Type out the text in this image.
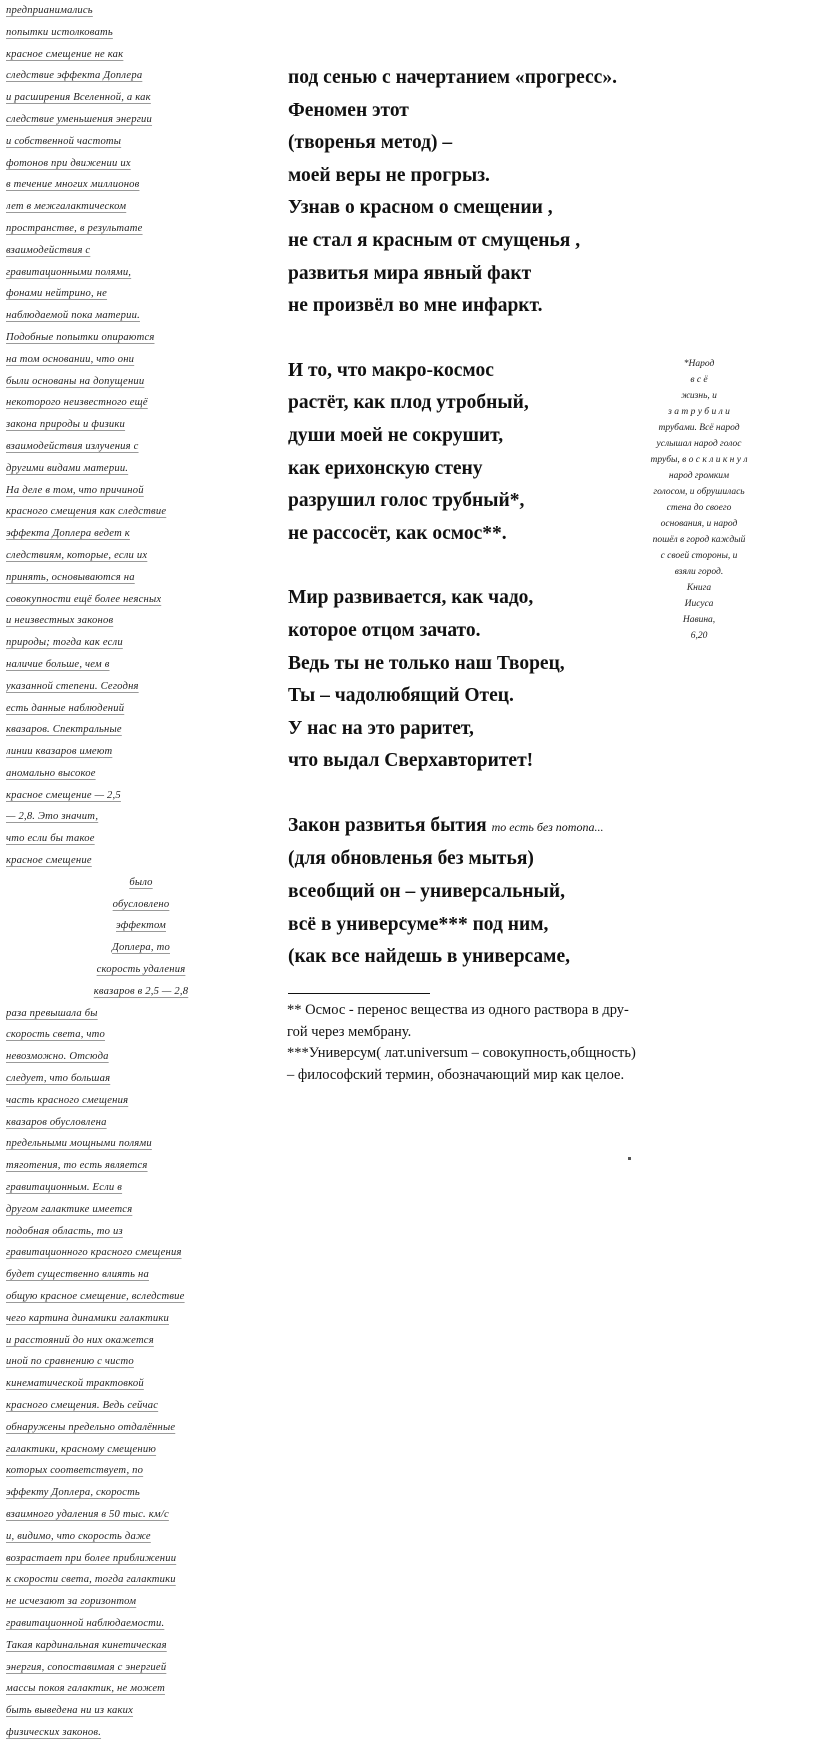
предприанимались
попытки истолковать
красное смещение не как
следствие эффекта Доплера
и расширения Вселенной, а как
следствие уменьшения энергии
и собственной частоты
фотонов при движении их
в течение многих миллионов
лет в межгалактическом
пространстве, в результате
взаимодействия с
гравитационными полями,
фонами нейтрино, не
наблюдаемой пока материи.
Подобные попытки опираются
на том основании, что они
были основаны на допущении
некоторого неизвестного ещё
закона природы и физики
взаимодействия излучения с
другими видами материи.
На деле в том, что причиной
красного смещения как следствие
эффекта Доплера ведет к
следствиям, которые, если их
принять, основываются на
совокупности ещё более неясных
и неизвестных законов
природы; тогда как если
наличие больше, чем в
указанной степени. Сегодня
есть данные наблюдений
квазаров. Спектральные
линии квазаров имеют
аномально высокое
красное смещение — 2,5
— 2,8. Это значит,
что если бы такое
красное смещение
было
обусловлено
эффектом
Доплера, то
скорость удаления
квазаров в 2,5 — 2,8
раза превышала бы
скорость света, что
невозможно. Отсюда
следует, что большая
часть красного смещения
квазаров обусловлена
предельными мощными полями
тяготения, то есть является
гравитационным. Если в
другом галактике имеется
подобная область, то из
гравитационного красного смещения
будет существенно влиять на
общую красное смещение, вследствие
чего картина динамики галактики
и расстояний до них окажется
иной по сравнению с чисто
кинематической трактовкой
красного смещения. Ведь сейчас
обнаружены предельно отдалённые
галактики, красному смещению
которых соответствует, по
эффекту Доплера, скорость
взаимного удаления в 50 тыс. км/с
и, видимо, что скорость даже
возрастает при более приближении
к скорости света, тогда галактики
не исчезают за горизонтом
гравитационной наблюдаемости.
Такая кардинальная кинетическая
энергия, сопоставимая с энергией
массы покоя галактик, не может
быть выведена ни из каких
физических законов.
под сенью с начертанием «прогресс».
Феномен этот
(творенья метод) –
моей веры не прогрыз.
Узнав о красном о смещении ,
не стал я красным от смущенья ,
развитья мира явный факт
не произвёл во мне инфаркт.
И то, что макро-космос
растёт, как плод утробный,
души моей не сокрушит,
как ерихонскую стену
разрушил голос трубный*,
не рассосёт, как осмос**.
Мир развивается, как чадо,
которое отцом зачато.
Ведь ты не только наш Творец,
Ты – чадолюбящий Отец.
У нас на это раритет,
что выдал Сверхавторитет!
Закон развитья бытия то есть без потопа...
(для обновленья без мытья)
всеобщий он – универсальный,
всё в универсуме*** под ним,
(как все найдешь в универсаме,
*Народ
в с ё
жизнь, и
з а т р у б и л и
трубами. Всё народ
услышал народ голос
трубы, в о с к л и к н у л
народ громким
голосом, и обрушилась
стена до своего
основания, и народ
пошёл в город каждый
с своей стороны, и
взяли город.
Книга
Иисуса
Навина,
6,20
** Осмос - перенос вещества из одного раствора в дру-
гой через мембрану.
***Универсум( лат.universum – совокупность,общность)
– философский термин, обозначающий мир как целое.
